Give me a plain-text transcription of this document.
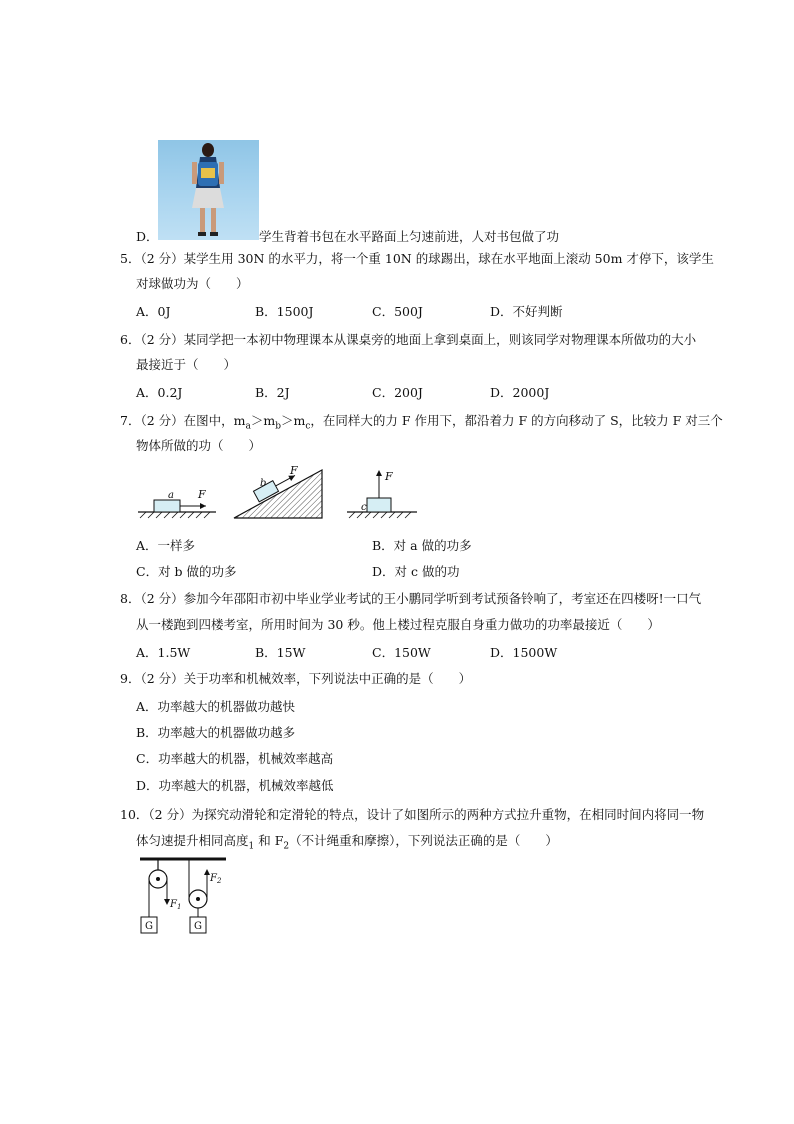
D．	学生背着书包在水平路面上匀速前进，人对书包做了功
5．（2 分）某学生用 30N 的水平力，将一个重 10N 的球踢出，球在水平地面上滚动 50m 才停下，该学生
对球做功为（　　）
A．0J	B．1500J	C．500J	D．不好判断
6．（2 分）某同学把一本初中物理课本从课桌旁的地面上拿到桌面上，则该同学对物理课本所做功的大小
最接近于（　　）
A．0.2J	B．2J	C．200J	D．2000J
7．（2 分）在图中，$m_a>m_b>m_c$，在同样大的力 F 作用下，都沿着力 F 的方向移动了 S，比较力 F 对三个
物体所做的功（　　）
a F
b
F	F
c
A．一样多	B．对 a 做的功多
C．对 b 做的功多	D．对 c 做的功
8．（2 分）参加今年邵阳市初中毕业学业考试的王小鹏同学听到考试预备铃响了，考室还在四楼呀!一口气
从一楼跑到四楼考室，所用时间为 30 秒。他上楼过程克服自身重力做功的功率最接近（　　）
A．1.5W	B．15W	C．150W	D．1500W
9．（2 分）关于功率和机械效率，下列说法中正确的是（　　）
A．功率越大的机器做功越快
B．功率越大的机器做功越多
C．功率越大的机器，机械效率越高
D．功率越大的机器，机械效率越低
10．（2 分）为探究动滑轮和定滑轮的特点，设计了如图所示的两种方式拉升重物，在相同时间内将同一物
体匀速提升相同高度$_1$ 和 $F_2$（不计绳重和摩擦），下列说法正确的是（　　）
$F_1$
G
$F_2$
G
